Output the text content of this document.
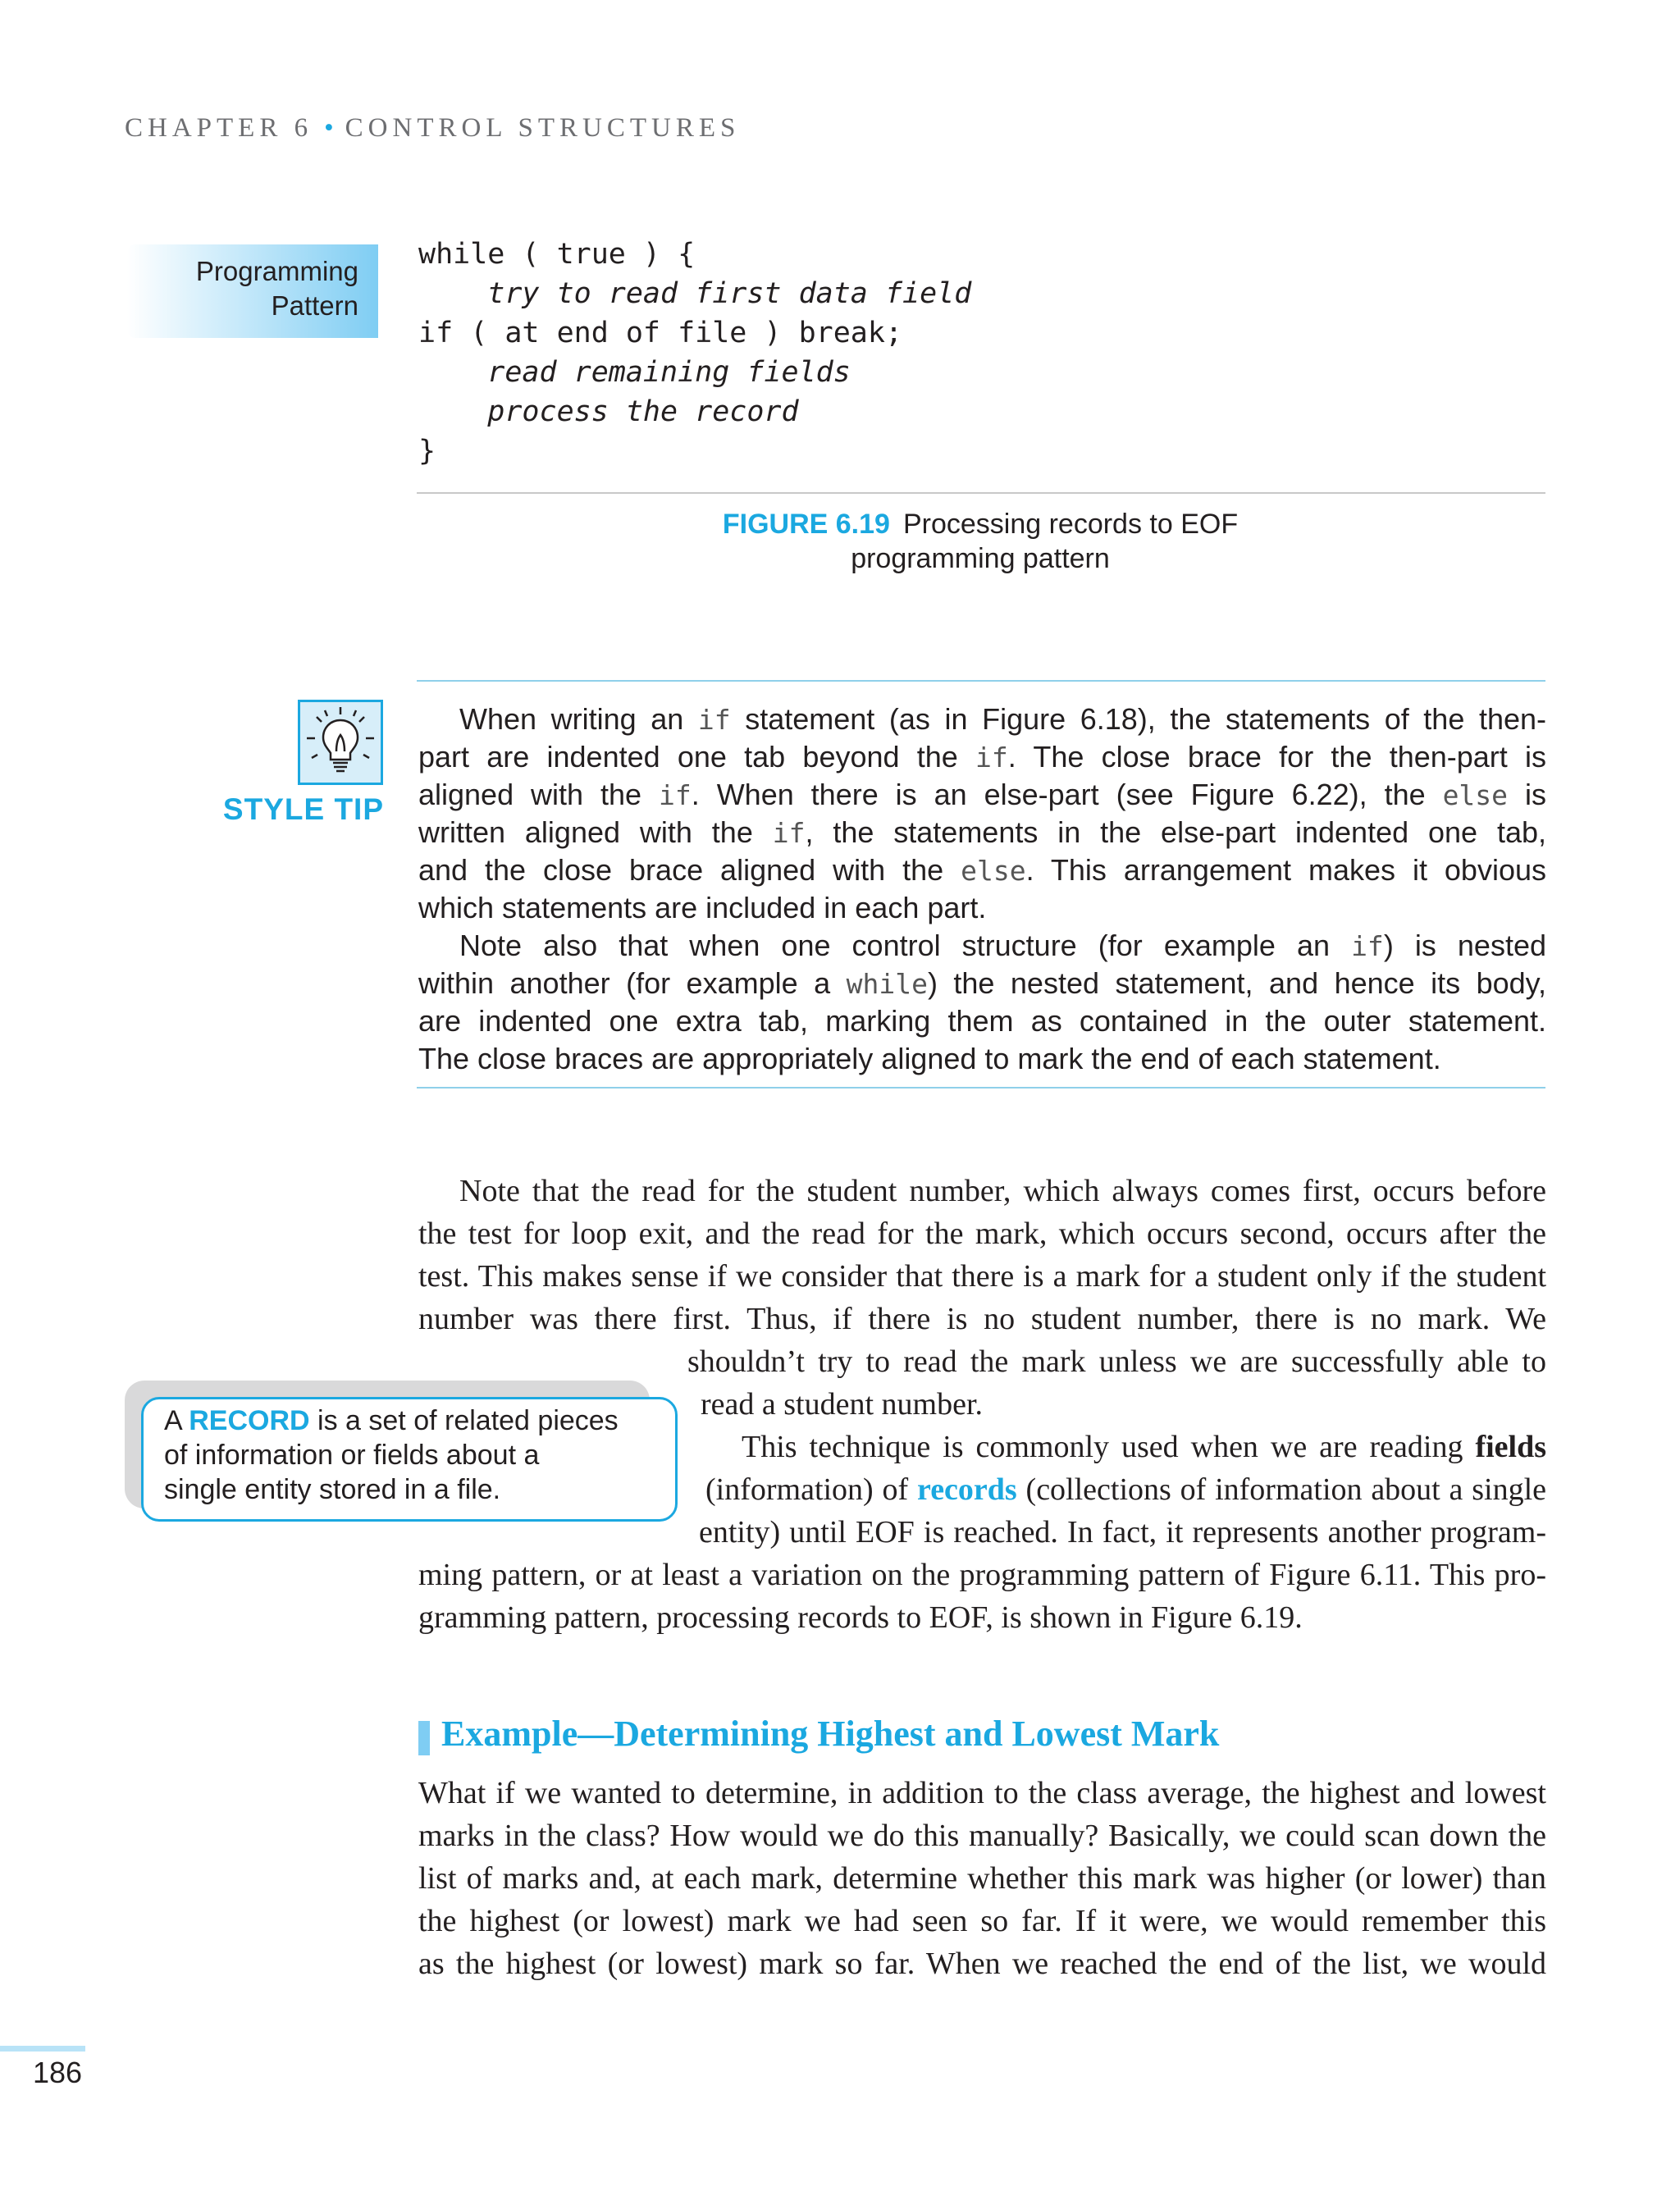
CHAPTER 6 • CONTROL STRUCTURES
Programming
Pattern
while ( true ) {
try to read first data field
if ( at end of file ) break;
read remaining fields
process the record
}
FIGURE 6.19 Processing records to EOF
programming pattern
STYLE TIP
When writing an if statement (as in Figure 6.18), the statements of the then-
part are indented one tab beyond the if. The close brace for the then-part is
aligned with the if. When there is an else-part (see Figure 6.22), the else is
written aligned with the if, the statements in the else-part indented one tab,
and the close brace aligned with the else. This arrangement makes it obvious
which statements are included in each part.
Note also that when one control structure (for example an if) is nested
within another (for example a while) the nested statement, and hence its body,
are indented one extra tab, marking them as contained in the outer statement.
The close braces are appropriately aligned to mark the end of each statement.
Note that the read for the student number, which always comes first, occurs before
the test for loop exit, and the read for the mark, which occurs second, occurs after the
test. This makes sense if we consider that there is a mark for a student only if the student
number was there first. Thus, if there is no student number, there is no mark. We
shouldn’t try to read the mark unless we are successfully able to
read a student number.
This technique is commonly used when we are reading fields
(information) of records (collections of information about a single
entity) until EOF is reached. In fact, it represents another program-
ming pattern, or at least a variation on the programming pattern of Figure 6.11. This pro-
gramming pattern, processing records to EOF, is shown in Figure 6.19.
A RECORD is a set of related pieces
of information or fields about a
single entity stored in a file.
Example—Determining Highest and Lowest Mark
What if we wanted to determine, in addition to the class average, the highest and lowest
marks in the class? How would we do this manually? Basically, we could scan down the
list of marks and, at each mark, determine whether this mark was higher (or lower) than
the highest (or lowest) mark we had seen so far. If it were, we would remember this
as the highest (or lowest) mark so far. When we reached the end of the list, we would
186
